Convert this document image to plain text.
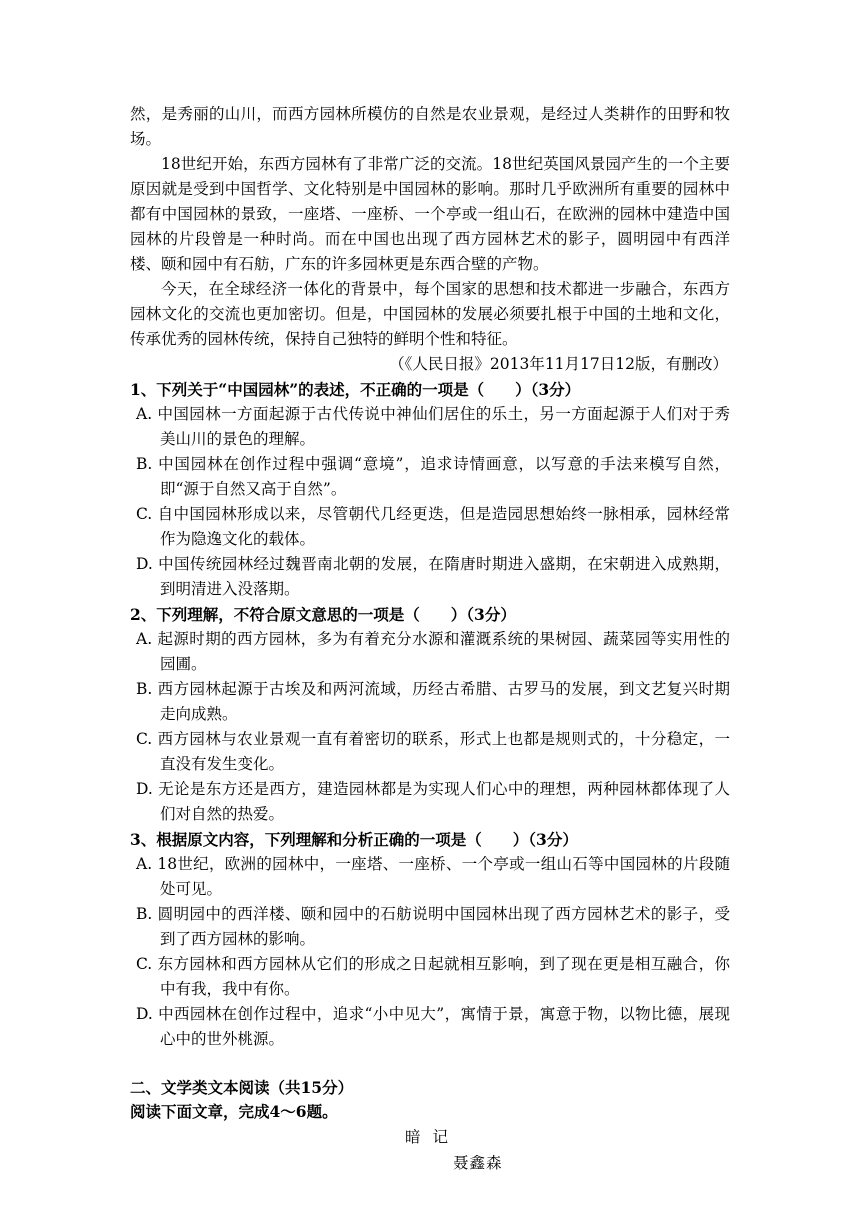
然，是秀丽的山川，而西方园林所模仿的自然是农业景观，是经过人类耕作的田野和牧场。

18世纪开始，东西方园林有了非常广泛的交流。18世纪英国风景园产生的一个主要原因就是受到中国哲学、文化特别是中国园林的影响。那时几乎欧洲所有重要的园林中都有中国园林的景致，一座塔、一座桥、一个亭或一组山石，在欧洲的园林中建造中国园林的片段曾是一种时尚。而在中国也出现了西方园林艺术的影子，圆明园中有西洋楼、颐和园中有石舫，广东的许多园林更是东西合壁的产物。

今天，在全球经济一体化的背景中，每个国家的思想和技术都进一步融合，东西方园林文化的交流也更加密切。但是，中国园林的发展必须要扎根于中国的土地和文化，传承优秀的园林传统，保持自己独特的鲜明个性和特征。

（《人民日报》2013年11月17日12版，有删改）

1、下列关于“中国园林”的表述，不正确的一项是（　　）（3分）

A. 中国园林一方面起源于古代传说中神仙们居住的乐土，另一方面起源于人们对于秀美山川的景色的理解。

B. 中国园林在创作过程中强调“意境”，追求诗情画意，以写意的手法来模写自然，即“源于自然又高于自然”。

C. 自中国园林形成以来，尽管朝代几经更迭，但是造园思想始终一脉相承，园林经常作为隐逸文化的载体。

D. 中国传统园林经过魏晋南北朝的发展，在隋唐时期进入盛期，在宋朝进入成熟期，到明清进入没落期。

2、下列理解，不符合原文意思的一项是（　　）（3分）

A. 起源时期的西方园林，多为有着充分水源和灌溉系统的果树园、蔬菜园等实用性的园圃。

B. 西方园林起源于古埃及和两河流域，历经古希腊、古罗马的发展，到文艺复兴时期走向成熟。

C. 西方园林与农业景观一直有着密切的联系，形式上也都是规则式的，十分稳定，一直没有发生变化。

D. 无论是东方还是西方，建造园林都是为实现人们心中的理想，两种园林都体现了人们对自然的热爱。

3、根据原文内容，下列理解和分析正确的一项是（　　）（3分）

A. 18世纪，欧洲的园林中，一座塔、一座桥、一个亭或一组山石等中国园林的片段随处可见。

B. 圆明园中的西洋楼、颐和园中的石舫说明中国园林出现了西方园林艺术的影子，受到了西方园林的影响。

C. 东方园林和西方园林从它们的形成之日起就相互影响，到了现在更是相互融合，你中有我，我中有你。

D. 中西园林在创作过程中，追求“小中见大”，寓情于景，寓意于物，以物比德，展现心中的世外桃源。

二、文学类文本阅读（共15分）

阅读下面文章，完成4～6题。

暗记

聂鑫森
